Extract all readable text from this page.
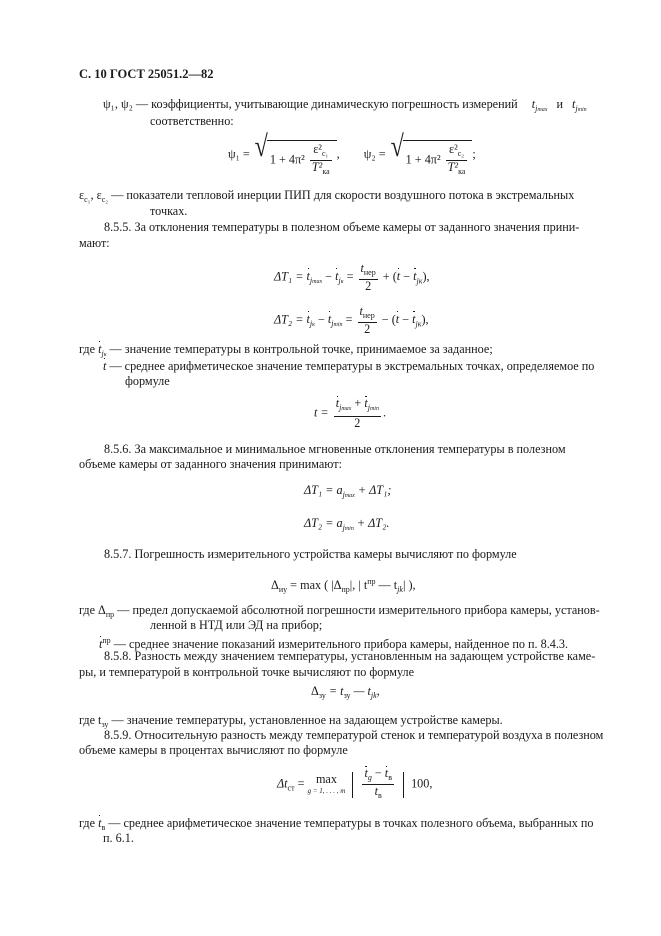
С. 10 ГОСТ 25051.2—82
ψ₁, ψ₂ — коэффициенты, учитывающие динамическую погрешность измерений $t_{jmax}$ и $t_{jmin}$
соответственно:
ψ₁ = √ $1 + 4\pi^2 \frac{\varepsilon^2_{c_1}}{T^2_{ка}}$ , ψ₂ = √ $1 + 4\pi^2 \frac{\varepsilon^2_{c_2}}{T^2_{ка}}$ ;
$\varepsilon_{c_1}$, $\varepsilon_{c_2}$ — показатели тепловой инерции ПИП для скорости воздушного потока в экстремальных
точках.
8.5.5. За отклонения температуры в полезном объеме камеры от заданного значения прини-
мают:
$\Delta T_1 = t_{jmax} - t_{jк} = \frac{t_{нер}}{2} + (t - t_{jк})$,
$\Delta T_2 = t_{jк} - t_{jmin} = \frac{t_{нер}}{2} - (t - t_{jк})$,
где $t_{jк}$ — значение температуры в контрольной точке, принимаемое за заданное;
t — среднее арифметическое значение температуры в экстремальных точках, определяемое по
формуле
$t = \frac{t_{jmax} + t_{jmin}}{2}$ .
8.5.6. За максимальное и минимальное мгновенные отклонения температуры в полезном
объеме камеры от заданного значения принимают:
$\Delta T_1 = a_{jmax} + \Delta T_1$;
$\Delta T_2 = a_{jmin} + \Delta T_2$.
8.5.7. Погрешность измерительного устройства камеры вычисляют по формуле
$\Delta_{иу} = \max$ ( $|\Delta_{пр}|$, | $t^{пр}$ — $t_{jk}|$ ),
где $\Delta_{пр}$ — предел допускаемой абсолютной погрешности измерительного прибора камеры, установ-
ленной в НТД или ЭД на прибор;
$t^{пр}$ — среднее значение показаний измерительного прибора камеры, найденное по п. 8.4.3.
8.5.8. Разность между значением температуры, установленным на задающем устройстве каме-
ры, и температурой в контрольной точке вычисляют по формуле
$\Delta_{зу} = t_{зу}$ — $t_{jk}$,
где $t_{зу}$ — значение температуры, установленное на задающем устройстве камеры.
8.5.9. Относительную разность между температурой стенок и температурой воздуха в полезном
объеме камеры в процентах вычисляют по формуле
$\Delta t_{ст} = \max$
g = 1, . . . , m
$\frac{t_g - t_в}{t_в} 100$,
где $t_в$ — среднее арифметическое значение температуры в точках полезного объема, выбранных по
п. 6.1.
